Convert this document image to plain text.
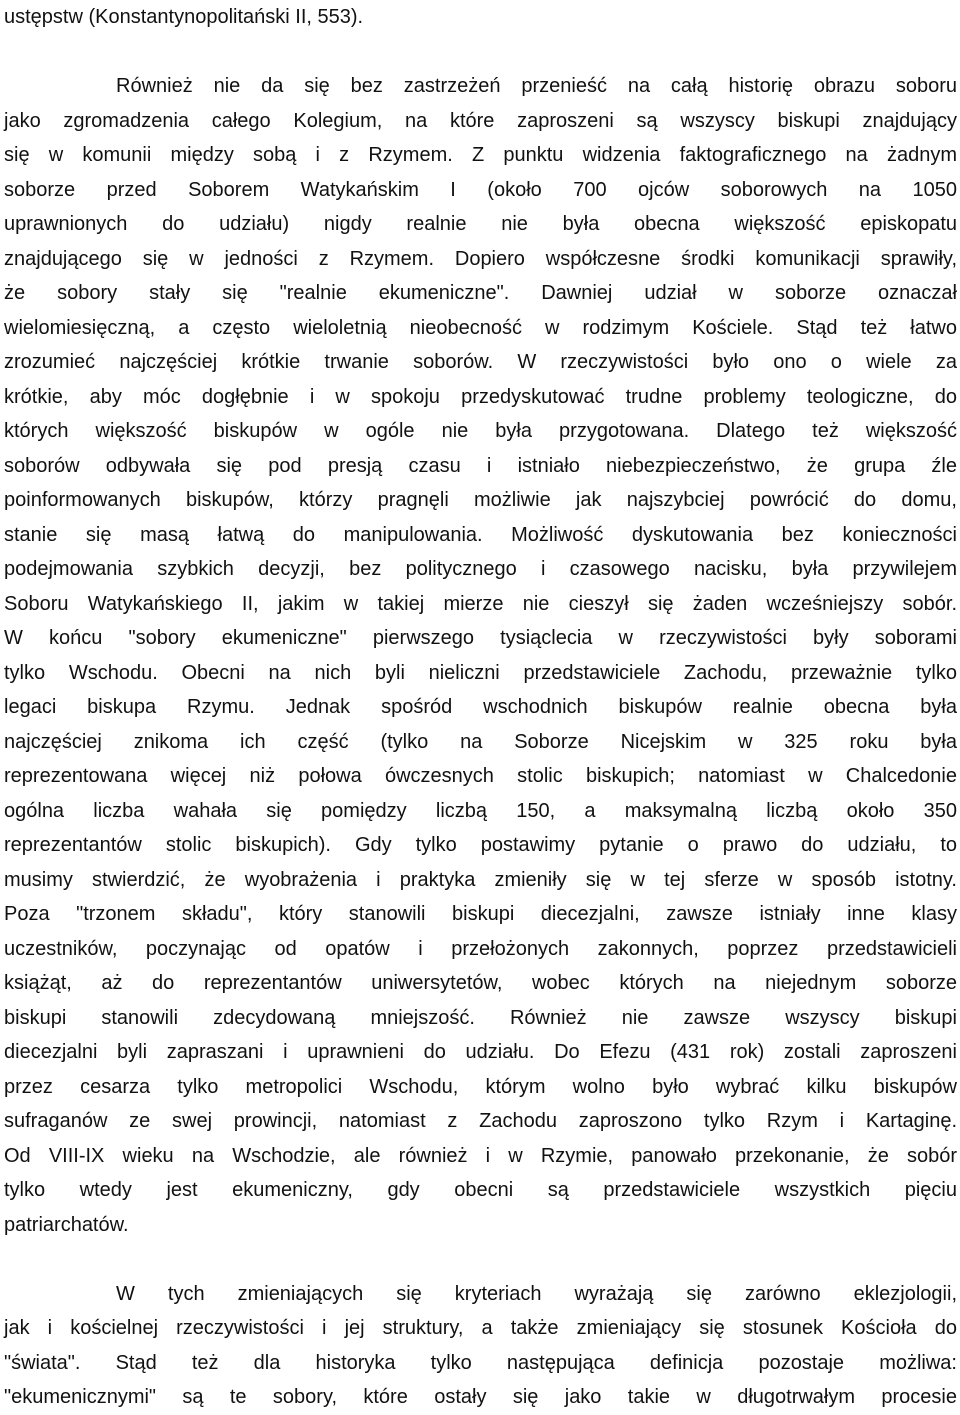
ustępstw (Konstantynopolitański II, 553).
Również nie da się bez zastrzeżeń przenieść na całą historię obrazu soboru
jako zgromadzenia całego Kolegium, na które zaproszeni są wszyscy biskupi znajdujący
się w komunii między sobą i z Rzymem. Z punktu widzenia faktograficznego na żadnym
soborze przed Soborem Watykańskim I (około 700 ojców soborowych na 1050
uprawnionych do udziału) nigdy realnie nie była obecna większość episkopatu
znajdującego się w jedności z Rzymem. Dopiero współczesne środki komunikacji sprawiły,
że sobory stały się "realnie ekumeniczne". Dawniej udział w soborze oznaczał
wielomiesięczną, a często wieloletnią nieobecność w rodzimym Kościele. Stąd też łatwo
zrozumieć najczęściej krótkie trwanie soborów. W rzeczywistości było ono o wiele za
krótkie, aby móc dogłębnie i w spokoju przedyskutować trudne problemy teologiczne, do
których większość biskupów w ogóle nie była przygotowana. Dlatego też większość
soborów odbywała się pod presją czasu i istniało niebezpieczeństwo, że grupa źle
poinformowanych biskupów, którzy pragnęli możliwie jak najszybciej powrócić do domu,
stanie się masą łatwą do manipulowania. Możliwość dyskutowania bez konieczności
podejmowania szybkich decyzji, bez politycznego i czasowego nacisku, była przywilejem
Soboru Watykańskiego II, jakim w takiej mierze nie cieszył się żaden wcześniejszy sobór.
W końcu "sobory ekumeniczne" pierwszego tysiąclecia w rzeczywistości były soborami
tylko Wschodu. Obecni na nich byli nieliczni przedstawiciele Zachodu, przeważnie tylko
legaci biskupa Rzymu. Jednak spośród wschodnich biskupów realnie obecna była
najczęściej znikoma ich część (tylko na Soborze Nicejskim w 325 roku była
reprezentowana więcej niż połowa ówczesnych stolic biskupich; natomiast w Chalcedonie
ogólna liczba wahała się pomiędzy liczbą 150, a maksymalną liczbą około 350
reprezentantów stolic biskupich). Gdy tylko postawimy pytanie o prawo do udziału, to
musimy stwierdzić, że wyobrażenia i praktyka zmieniły się w tej sferze w sposób istotny.
Poza "trzonem składu", który stanowili biskupi diecezjalni, zawsze istniały inne klasy
uczestników, poczynając od opatów i przełożonych zakonnych, poprzez przedstawicieli
książąt, aż do reprezentantów uniwersytetów, wobec których na niejednym soborze
biskupi stanowili zdecydowaną mniejszość. Również nie zawsze wszyscy biskupi
diecezjalni byli zapraszani i uprawnieni do udziału. Do Efezu (431 rok) zostali zaproszeni
przez cesarza tylko metropolici Wschodu, którym wolno było wybrać kilku biskupów
sufraganów ze swej prowincji, natomiast z Zachodu zaproszono tylko Rzym i Kartaginę.
Od VIII-IX wieku na Wschodzie, ale również i w Rzymie, panowało przekonanie, że sobór
tylko wtedy jest ekumeniczny, gdy obecni są przedstawiciele wszystkich pięciu
patriarchatów.
W tych zmieniających się kryteriach wyrażają się zarówno eklezjologii,
jak i kościelnej rzeczywistości i jej struktury, a także zmieniający się stosunek Kościoła do
"świata". Stąd też dla historyka tylko następująca definicja pozostaje możliwa:
"ekumenicznymi" są te sobory, które ostały się jako takie w długotrwałym procesie
